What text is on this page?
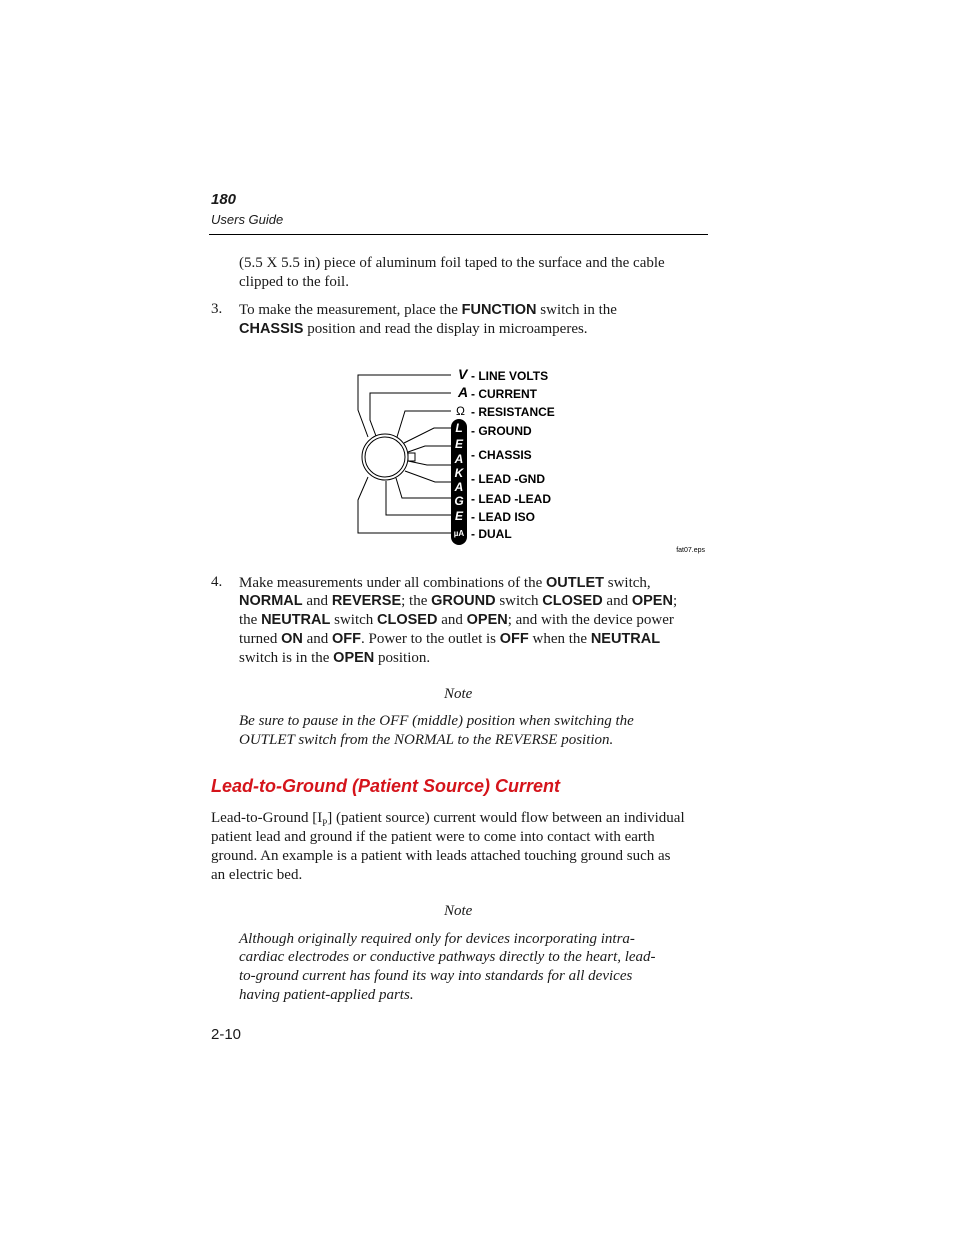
180
Users Guide
(5.5 X 5.5 in) piece of aluminum foil taped to the surface and the cable
clipped to the foil.
3. To make the measurement, place the FUNCTION switch in the
CHASSIS position and read the display in microamperes.
V
A
Ω
L
E
A
K
A
G
E
µA
- LINE VOLTS
- CURRENT
- RESISTANCE
- GROUND
- CHASSIS
- LEAD -GND
- LEAD -LEAD
- LEAD ISO
- DUAL
fat07.eps
4. Make measurements under all combinations of the OUTLET switch,
NORMAL and REVERSE; the GROUND switch CLOSED and OPEN;
the NEUTRAL switch CLOSED and OPEN; and with the device power
turned ON and OFF. Power to the outlet is OFF when the NEUTRAL
switch is in the OPEN position.
Note
Be sure to pause in the OFF (middle) position when switching the
OUTLET switch from the NORMAL to the REVERSE position.
Lead-to-Ground (Patient Source) Current
Lead-to-Ground $[I_P]$ (patient source) current would flow between an individual
patient lead and ground if the patient were to come into contact with earth
ground. An example is a patient with leads attached touching ground such as
an electric bed.
Note
Although originally required only for devices incorporating intra-
cardiac electrodes or conductive pathways directly to the heart, lead-
to-ground current has found its way into standards for all devices
having patient-applied parts.
2-10
